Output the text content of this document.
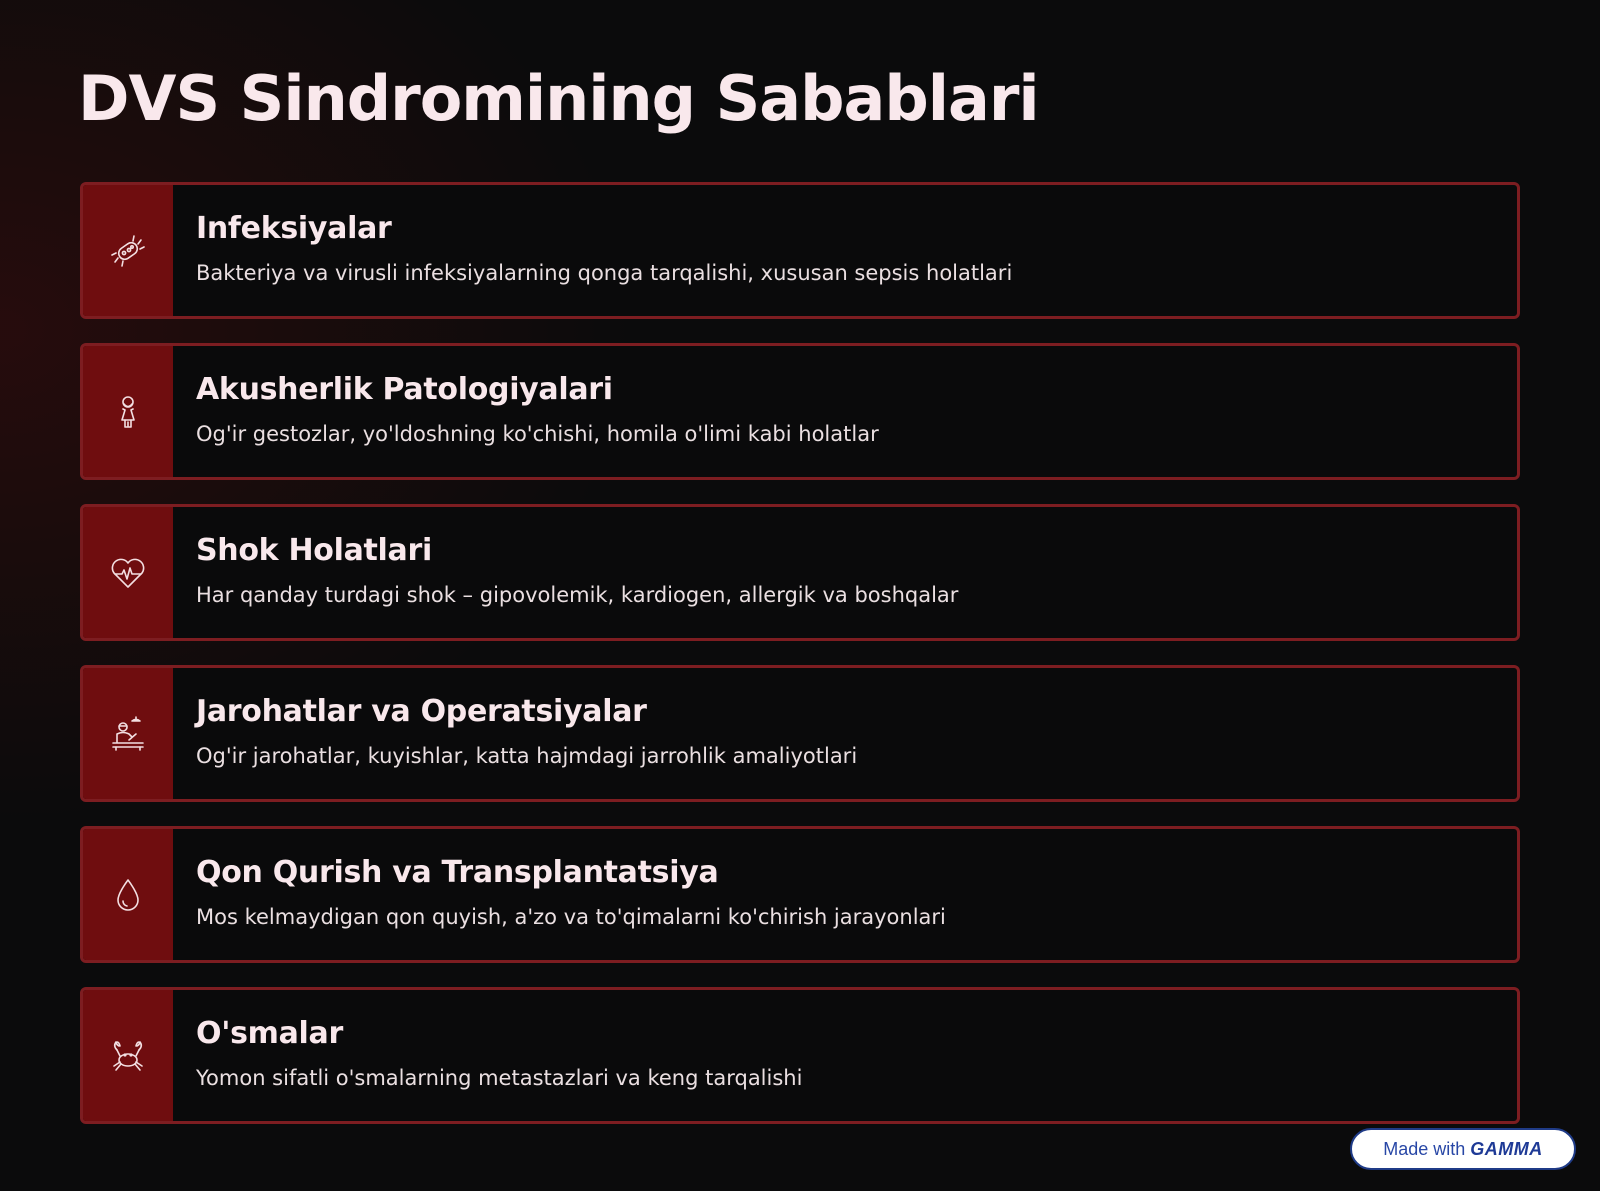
DVS Sindromining Sabablari
Infeksiyalar
Bakteriya va virusli infeksiyalarning qonga tarqalishi, xususan sepsis holatlari
Akusherlik Patologiyalari
Og'ir gestozlar, yo'ldoshning ko'chishi, homila o'limi kabi holatlar
Shok Holatlari
Har qanday turdagi shok – gipovolemik, kardiogen, allergik va boshqalar
Jarohatlar va Operatsiyalar
Og'ir jarohatlar, kuyishlar, katta hajmdagi jarrohlik amaliyotlari
Qon Qurish va Transplantatsiya
Mos kelmaydigan qon quyish, a'zo va to'qimalarni ko'chirish jarayonlari
O'smalar
Yomon sifatli o'smalarning metastazlari va keng tarqalishi
Made with GAMMA
